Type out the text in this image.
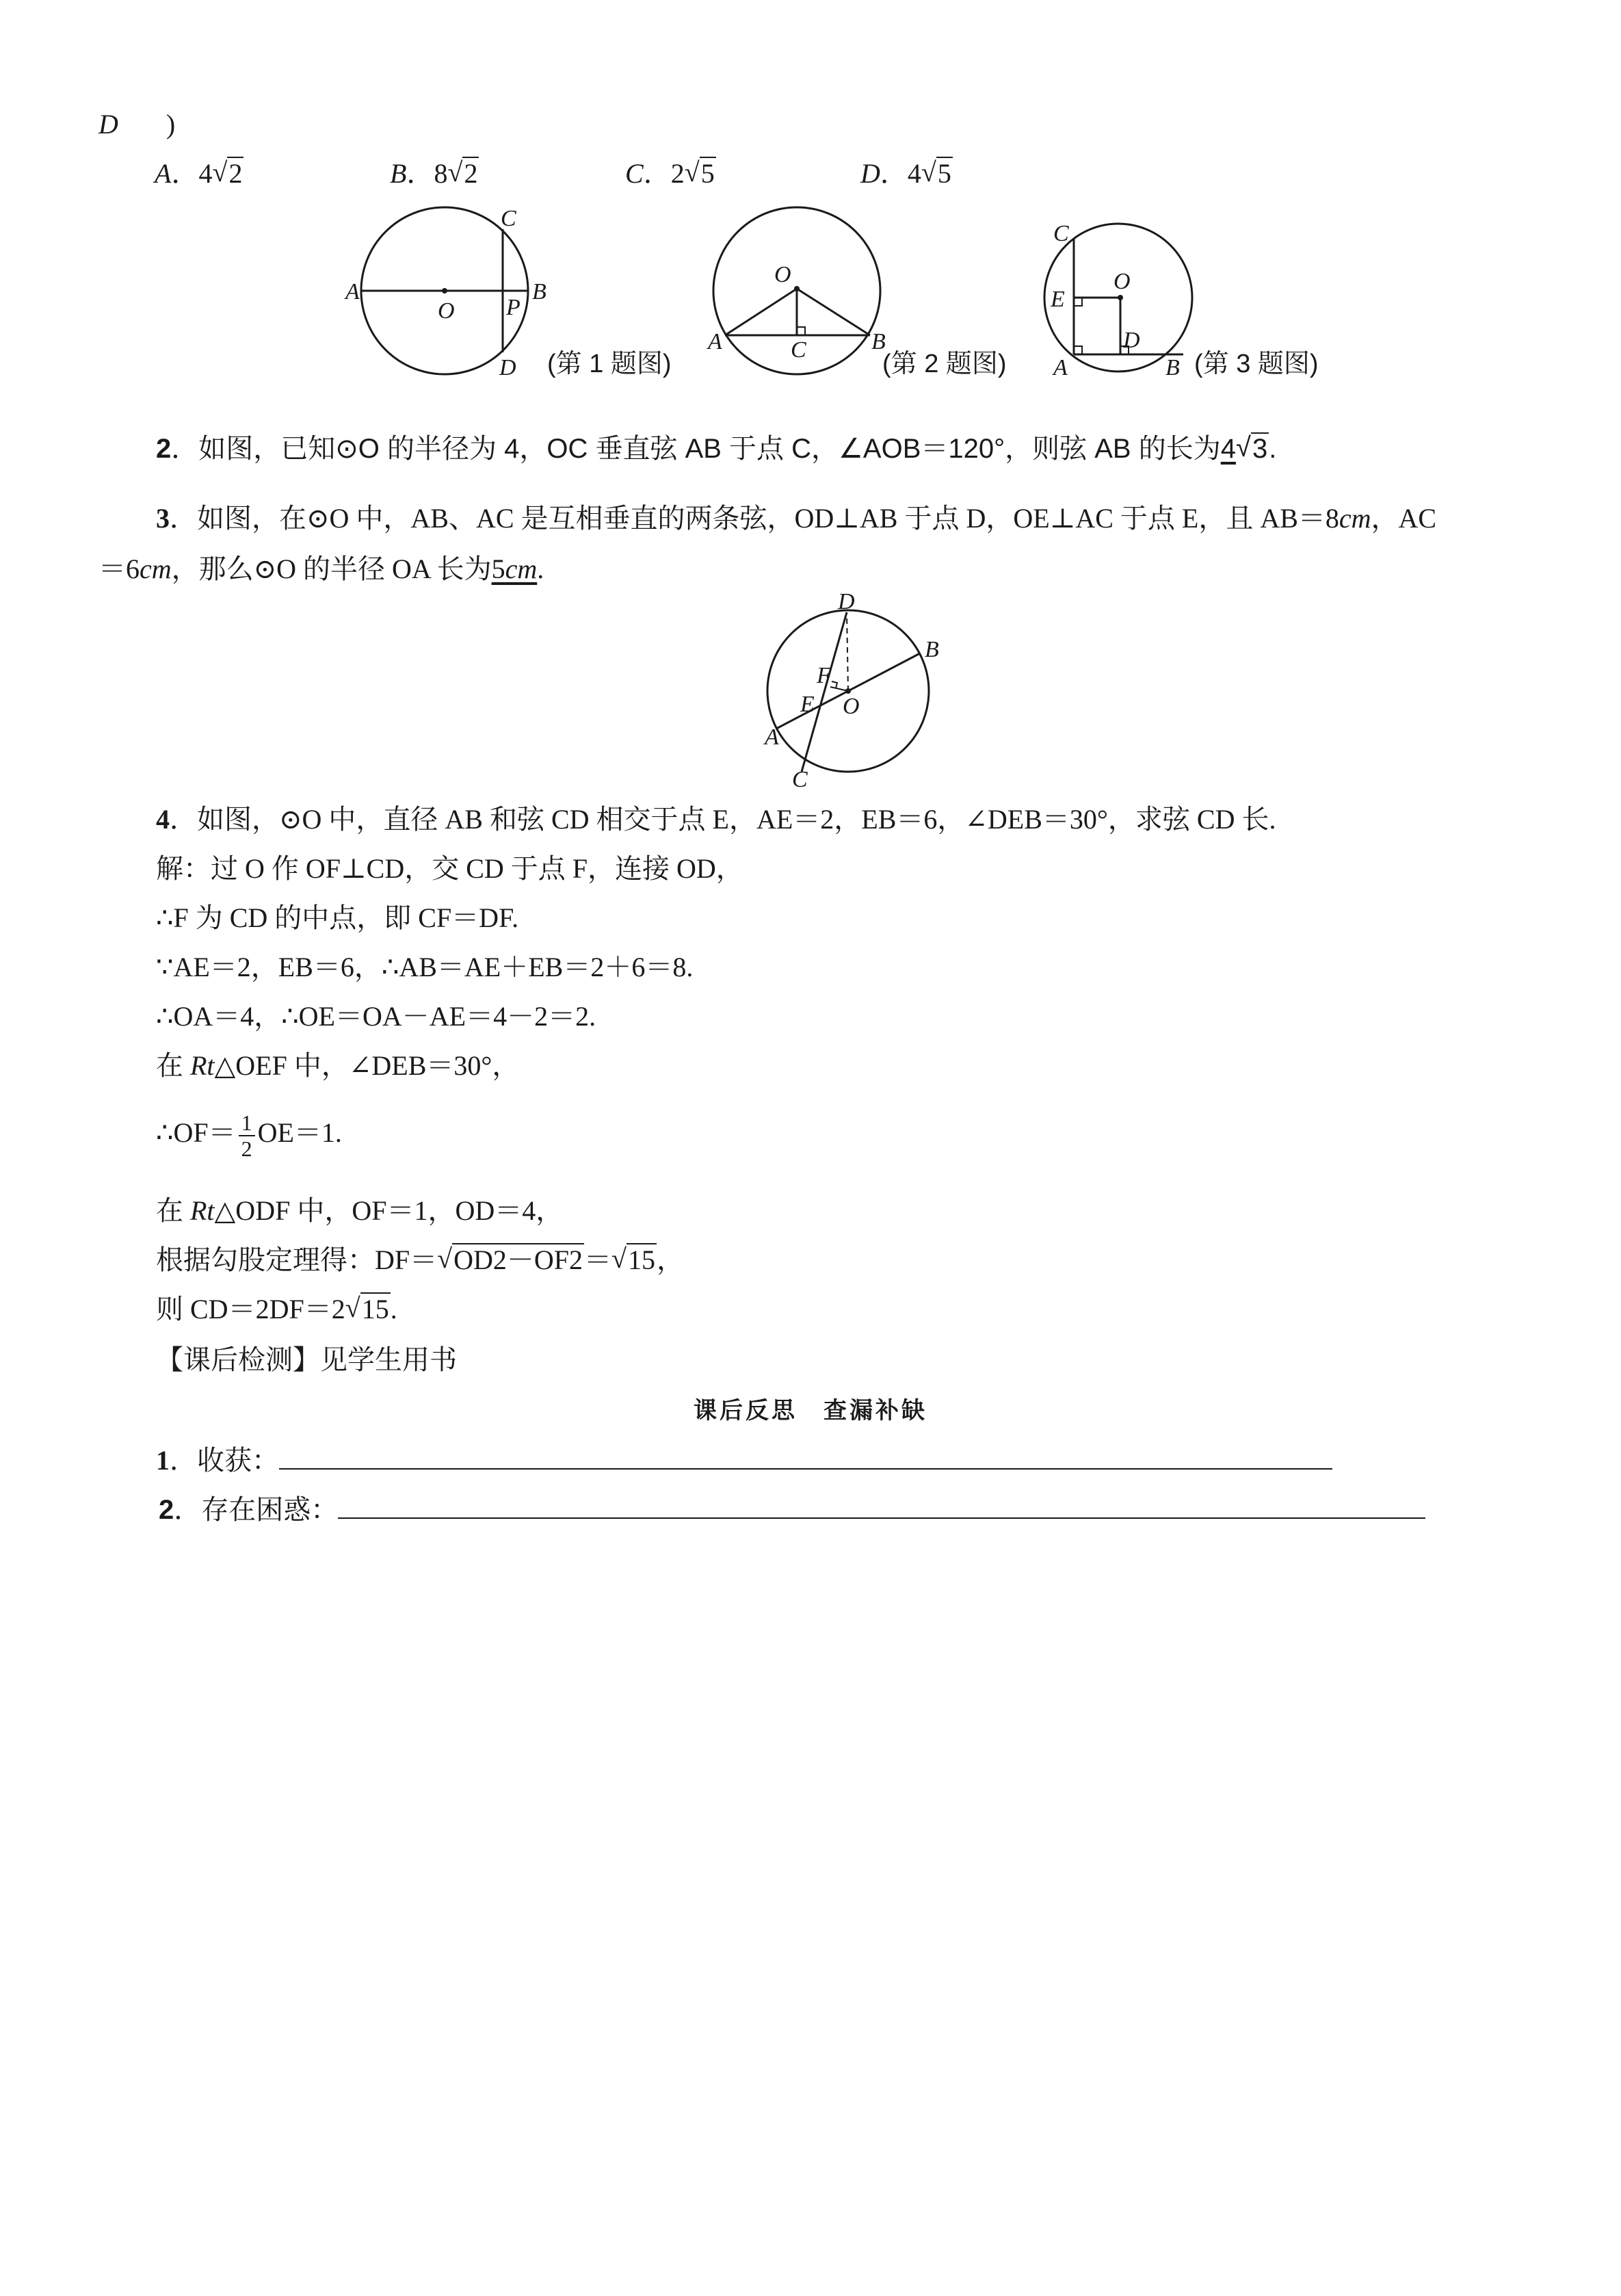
D )
A．4 √ 2	B．8 √ 2	C．2 √ 5	D．4 √ 5
A	B
C
D
O P
(第 1 题图)
O
A	B
C	(第 2 题图)
C
O
E
A
D
B (第 3 题图)
2．如图，已知⊙O 的半径为 4，OC 垂直弦 AB 于点 C，∠AOB＝120°，则弦 AB 的长为4 √ 3.
3．如图，在⊙O 中，AB、AC 是互相垂直的两条弦，OD⊥AB 于点 D，OE⊥AC 于点 E，且 AB＝8cm，AC
＝6cm，那么⊙O 的半径 OA 长为5cm.
D
B
F
E O
A
C
4．如图，⊙O 中，直径 AB 和弦 CD 相交于点 E，AE＝2，EB＝6，∠DEB＝30°，求弦 CD 长.
解：过 O 作 OF⊥CD，交 CD 于点 F，连接 OD，
∴F 为 CD 的中点，即 CF＝DF.
∵AE＝2，EB＝6，∴AB＝AE＋EB＝2＋6＝8.
∴OA＝4，∴OE＝OA－AE＝4－2＝2.
在 Rt△OEF 中，∠DEB＝30°，
∴OF＝ $\frac{1}{2} OE=1$.
在 Rt△ODF 中，OF＝1，OD＝4，
根据勾股定理得：DF＝ √ OD2－OF2＝ √ 15，
则 CD＝2DF＝2 √ 15.
【课后检测】见学生用书
课后反思　查漏补缺
1．收获：
2．存在困惑：
